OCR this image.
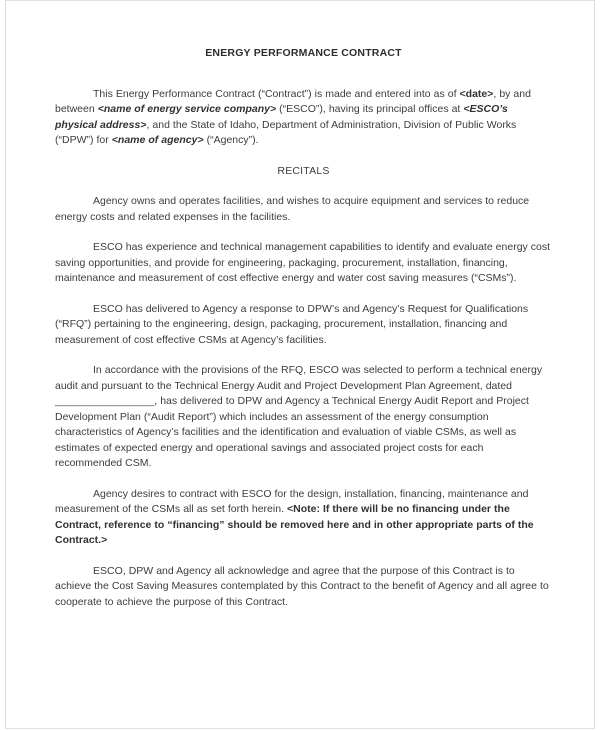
ENERGY PERFORMANCE CONTRACT

This Energy Performance Contract (“Contract”) is made and entered into as of <date>, by and between <name of energy service company> (“ESCO”), having its principal offices at <ESCO’s physical address>, and the State of Idaho, Department of Administration, Division of Public Works (“DPW”) for <name of agency> (“Agency”).

RECITALS

Agency owns and operates facilities, and wishes to acquire equipment and services to reduce energy costs and related expenses in the facilities.

ESCO has experience and technical management capabilities to identify and evaluate energy cost saving opportunities, and provide for engineering, packaging, procurement, installation, financing, maintenance and measurement of cost effective energy and water cost saving measures (“CSMs”).

ESCO has delivered to Agency a response to DPW’s and Agency’s Request for Qualifications (“RFQ”) pertaining to the engineering, design, packaging, procurement, installation, financing and measurement of cost effective CSMs at Agency’s facilities.

In accordance with the provisions of the RFQ, ESCO was selected to perform a technical energy audit and pursuant to the Technical Energy Audit and Project Development Plan Agreement, dated _________________, has delivered to DPW and Agency a Technical Energy Audit Report and Project Development Plan (“Audit Report”) which includes an assessment of the energy consumption characteristics of Agency’s facilities and the identification and evaluation of viable CSMs, as well as estimates of expected energy and operational savings and associated project costs for each recommended CSM.

Agency desires to contract with ESCO for the design, installation, financing, maintenance and measurement of the CSMs all as set forth herein. <Note: If there will be no financing under the Contract, reference to “financing” should be removed here and in other appropriate parts of the Contract.>

ESCO, DPW and Agency all acknowledge and agree that the purpose of this Contract is to achieve the Cost Saving Measures contemplated by this Contract to the benefit of Agency and all agree to cooperate to achieve the purpose of this Contract.
